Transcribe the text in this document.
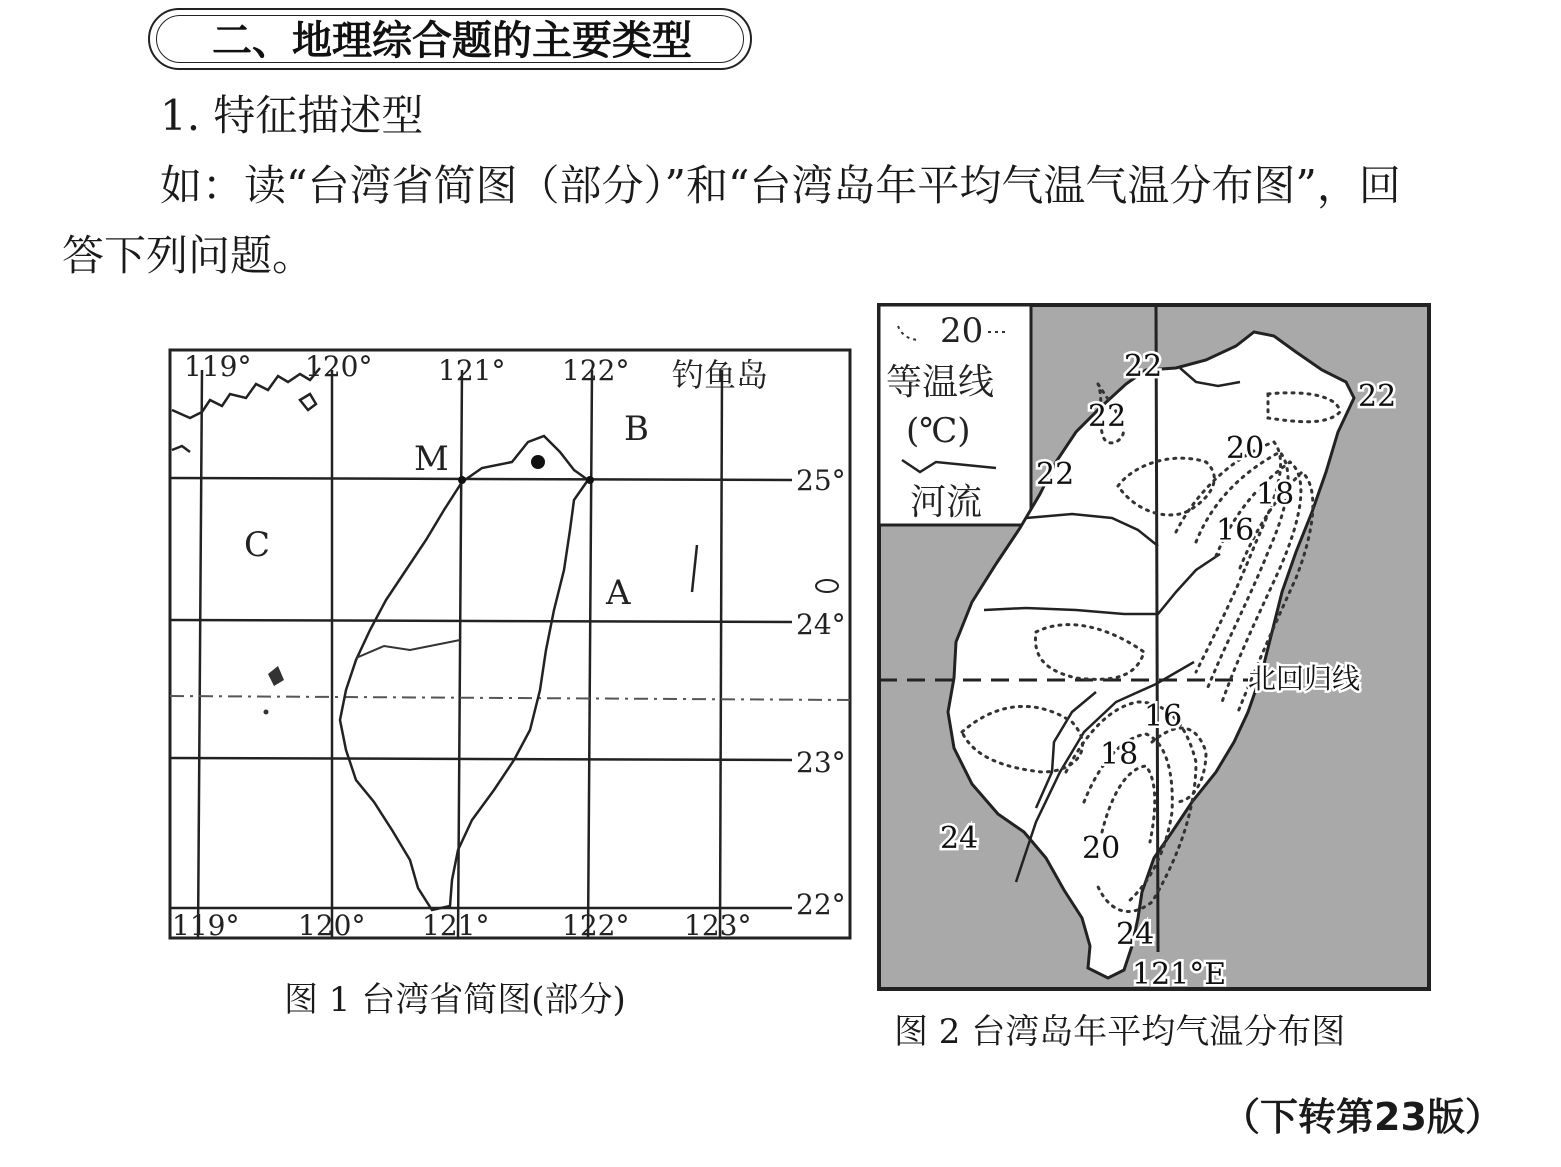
二、地理综合题的主要类型
1. 特征描述型
如：读“台湾省简图（部分）”和“台湾岛年平均气温气温分布图”，回
答下列问题。
119° 120° 121° 122°
119° 120° 121°	122° 123°
25°
24°
23°
22°
钓鱼岛
M
B
A
C
图 1 台湾省简图(部分)
20
等温线
(℃)
河流
22
22
22
22
20
18
16
16
18
20
24
24
北回归线
121°E
图 2 台湾岛年平均气温分布图
（下转第23版）
